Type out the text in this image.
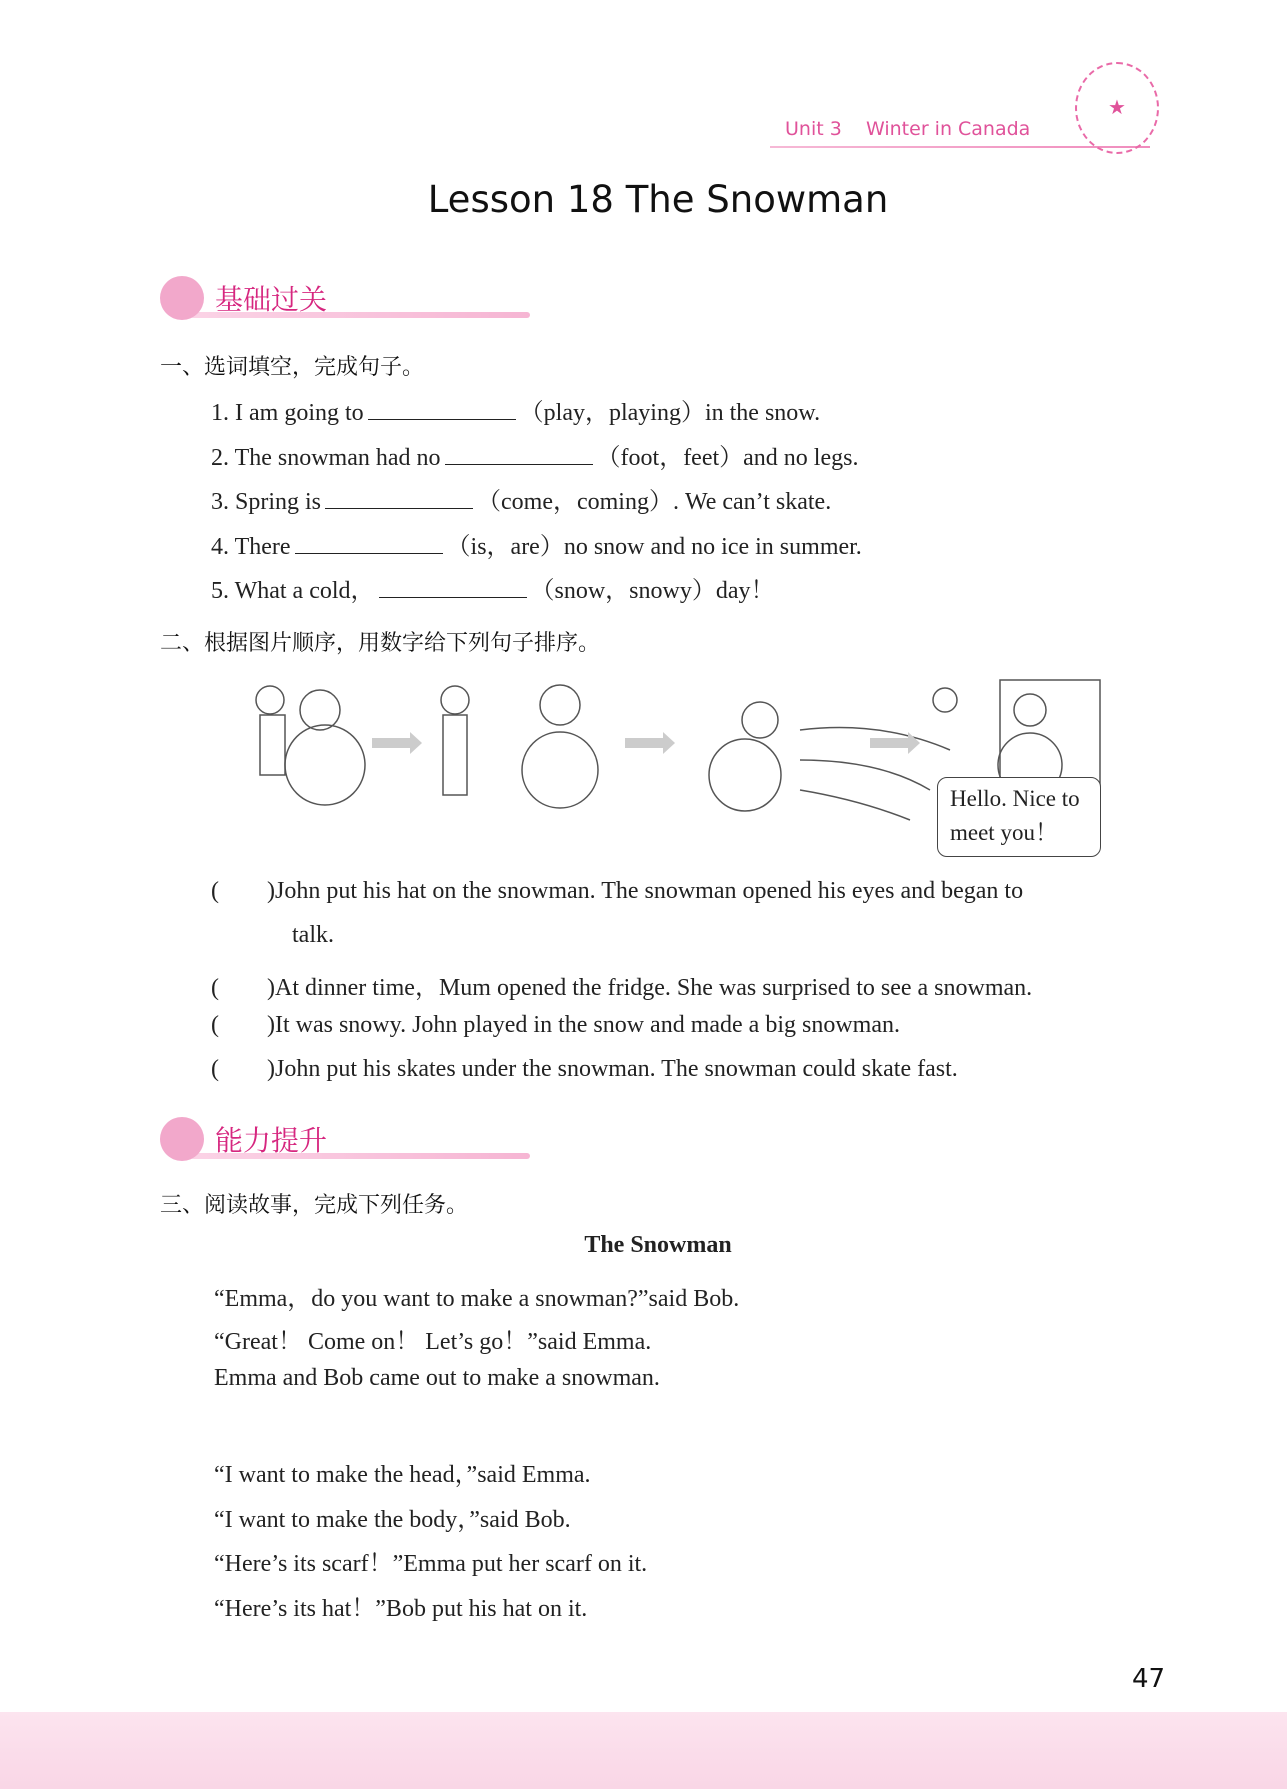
Unit 3 Winter in Canada
★
Lesson 18 The Snowman
基础过关
一、选词填空，完成句子。
二、根据图片顺序，用数字给下列句子排序。
Hello. Nice to meet you！
能力提升
三、阅读故事，完成下列任务。
The Snowman
47
1. I am going to	（play，playing）in the snow.
2. The snowman had no	（foot，feet）and no legs.
3. Spring is	（come，coming）. We can’t skate.
4. There	（is，are）no snow and no ice in summer.
5. What a cold，	（snow，snowy）day！
(        )John put his hat on the snowman. The snowman opened his eyes and began to
(        )At dinner time，Mum opened the fridge. She was surprised to see a snowman.
(        )It was snowy. John played in the snow and made a big snowman.
(        )John put his skates under the snowman. The snowman could skate fast.
talk.
“Emma，do you want to make a snowman?”said Bob.
“Great！ Come on！ Let’s go！”said Emma.
Emma and Bob came out to make a snowman.
“I want to make the head，”said Emma.
“I want to make the body，”said Bob.
“Here’s its scarf！”Emma put her scarf on it.
“Here’s its hat！”Bob put his hat on it.
